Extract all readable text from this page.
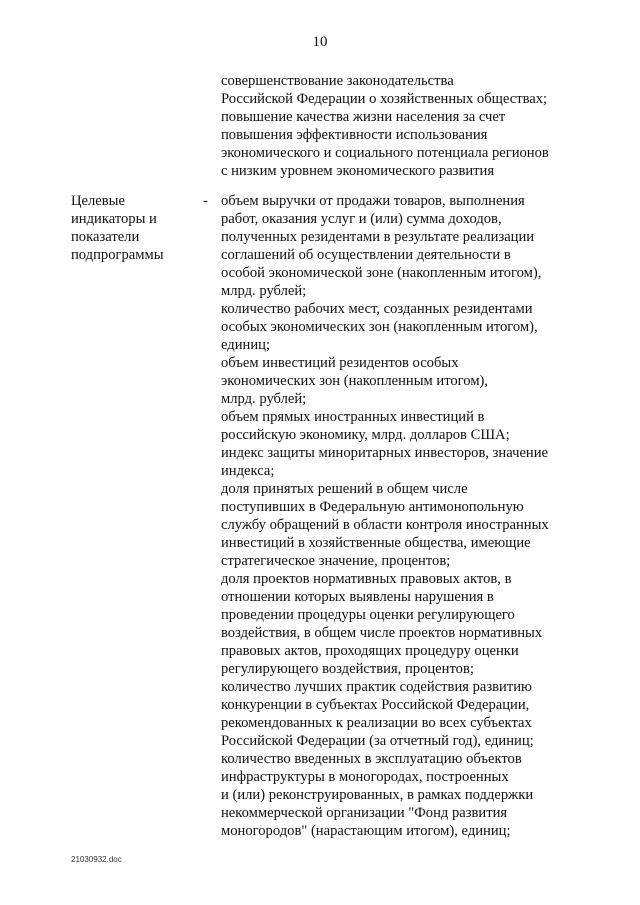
10
совершенствование законодательства
Российской Федерации о хозяйственных обществах;
повышение качества жизни населения за счет
повышения эффективности использования
экономического и социального потенциала регионов
с низким уровнем экономического развития
Целевые
индикаторы и
показатели
подпрограммы
- объем выручки от продажи товаров, выполнения
работ, оказания услуг и (или) сумма доходов,
полученных резидентами в результате реализации
соглашений об осуществлении деятельности в
особой экономической зоне (накопленным итогом),
млрд. рублей;
количество рабочих мест, созданных резидентами
особых экономических зон (накопленным итогом),
единиц;
объем инвестиций резидентов особых
экономических зон (накопленным итогом),
млрд. рублей;
объем прямых иностранных инвестиций в
российскую экономику, млрд. долларов США;
индекс защиты миноритарных инвесторов, значение
индекса;
доля принятых решений в общем числе
поступивших в Федеральную антимонопольную
службу обращений в области контроля иностранных
инвестиций в хозяйственные общества, имеющие
стратегическое значение, процентов;
доля проектов нормативных правовых актов, в
отношении которых выявлены нарушения в
проведении процедуры оценки регулирующего
воздействия, в общем числе проектов нормативных
правовых актов, проходящих процедуру оценки
регулирующего воздействия, процентов;
количество лучших практик содействия развитию
конкуренции в субъектах Российской Федерации,
рекомендованных к реализации во всех субъектах
Российской Федерации (за отчетный год), единиц;
количество введенных в эксплуатацию объектов
инфраструктуры в моногородах, построенных
и (или) реконструированных, в рамках поддержки
некоммерческой организации "Фонд развития
моногородов" (нарастающим итогом), единиц;
21030932.doc
